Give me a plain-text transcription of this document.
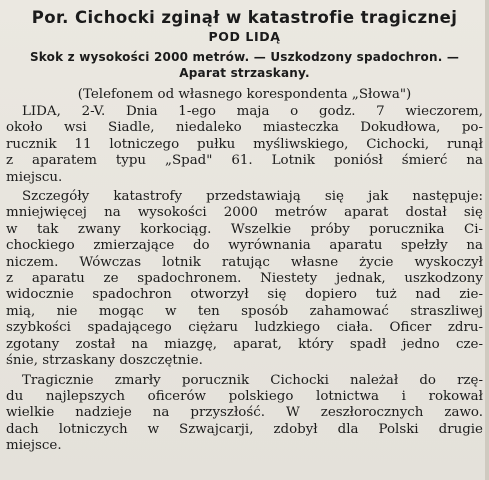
Por. Cichocki zginął w katastrofie tragicznej
POD LIDĄ
Skok z wysokości 2000 metrów. — Uszkodzony spadochron. —
Aparat strzaskany.
(Telefonem od własnego korespondenta „Słowa")
LIDA, 2-V. Dnia 1-ego maja o godz. 7 wieczorem,
około wsi Siadle, niedaleko miasteczka Dokudłowa, po-
rucznik 11 lotniczego pułku myśliwskiego, Cichocki, runął
z aparatem typu „Spad" 61. Lotnik poniósł śmierć na
miejscu.
Szczegóły katastrofy przedstawiają się jak następuje:
mniejwięcej na wysokości 2000 metrów aparat dostał się
w tak zwany korkociąg. Wszelkie próby porucznika Ci-
chockiego zmierzające do wyrównania aparatu spełzły na
niczem. Wówczas lotnik ratując własne życie wyskoczył
z aparatu ze spadochronem. Niestety jednak, uszkodzony
widocznie spadochron otworzył się dopiero tuż nad zie-
mią, nie mogąc w ten sposób zahamować straszliwej
szybkości spadającego ciężaru ludzkiego ciała. Oficer zdru-
zgotany został na miazgę, aparat, który spadł jedno cze-
śnie, strzaskany doszczętnie.
Tragicznie zmarły porucznik Cichocki należał do rzę-
du najlepszych oficerów polskiego lotnictwa i rokował
wielkie nadzieje na przyszłość. W zeszłorocznych zawo.
dach lotniczych w Szwajcarji, zdobył dla Polski drugie
miejsce.
